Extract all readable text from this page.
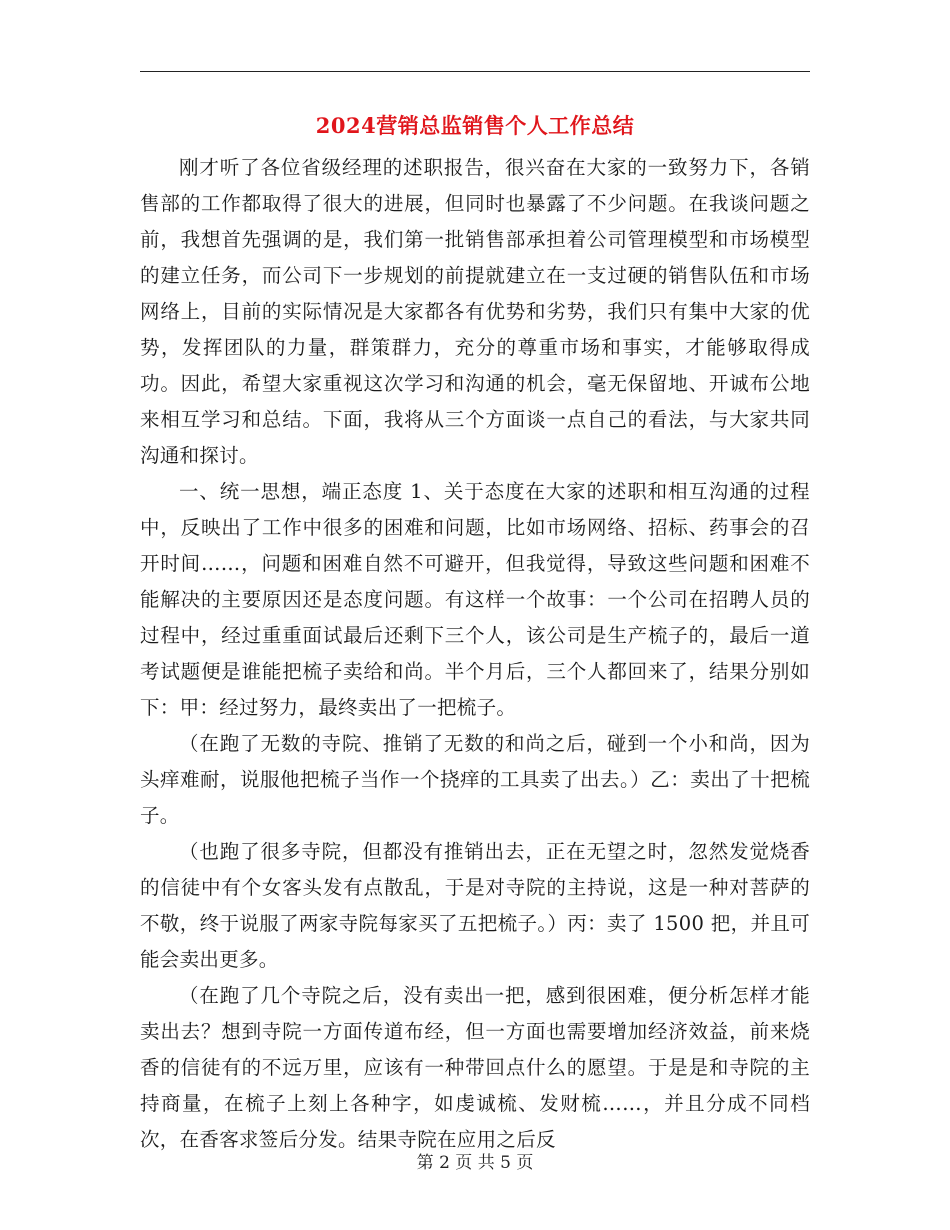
2024营销总监销售个人工作总结

刚才听了各位省级经理的述职报告，很兴奋在大家的一致努力下，各销售部的工作都取得了很大的进展，但同时也暴露了不少问题。在我谈问题之前，我想首先强调的是，我们第一批销售部承担着公司管理模型和市场模型的建立任务，而公司下一步规划的前提就建立在一支过硬的销售队伍和市场网络上，目前的实际情况是大家都各有优势和劣势，我们只有集中大家的优势，发挥团队的力量，群策群力，充分的尊重市场和事实，才能够取得成功。因此，希望大家重视这次学习和沟通的机会，毫无保留地、开诚布公地来相互学习和总结。下面，我将从三个方面谈一点自己的看法，与大家共同沟通和探讨。

一、统一思想，端正态度 1、关于态度在大家的述职和相互沟通的过程中，反映出了工作中很多的困难和问题，比如市场网络、招标、药事会的召开时间……，问题和困难自然不可避开，但我觉得，导致这些问题和困难不能解决的主要原因还是态度问题。有这样一个故事：一个公司在招聘人员的过程中，经过重重面试最后还剩下三个人，该公司是生产梳子的，最后一道考试题便是谁能把梳子卖给和尚。半个月后，三个人都回来了，结果分别如下：甲：经过努力，最终卖出了一把梳子。

（在跑了无数的寺院、推销了无数的和尚之后，碰到一个小和尚，因为头痒难耐，说服他把梳子当作一个挠痒的工具卖了出去。）乙：卖出了十把梳子。

（也跑了很多寺院，但都没有推销出去，正在无望之时，忽然发觉烧香的信徒中有个女客头发有点散乱，于是对寺院的主持说，这是一种对菩萨的不敬，终于说服了两家寺院每家买了五把梳子。）丙：卖了 1500 把，并且可能会卖出更多。

（在跑了几个寺院之后，没有卖出一把，感到很困难，便分析怎样才能卖出去？想到寺院一方面传道布经，但一方面也需要增加经济效益，前来烧香的信徒有的不远万里，应该有一种带回点什么的愿望。于是是和寺院的主持商量，在梳子上刻上各种字，如虔诚梳、发财梳……，并且分成不同档次，在香客求签后分发。结果寺院在应用之后反

第 2 页 共 5 页
